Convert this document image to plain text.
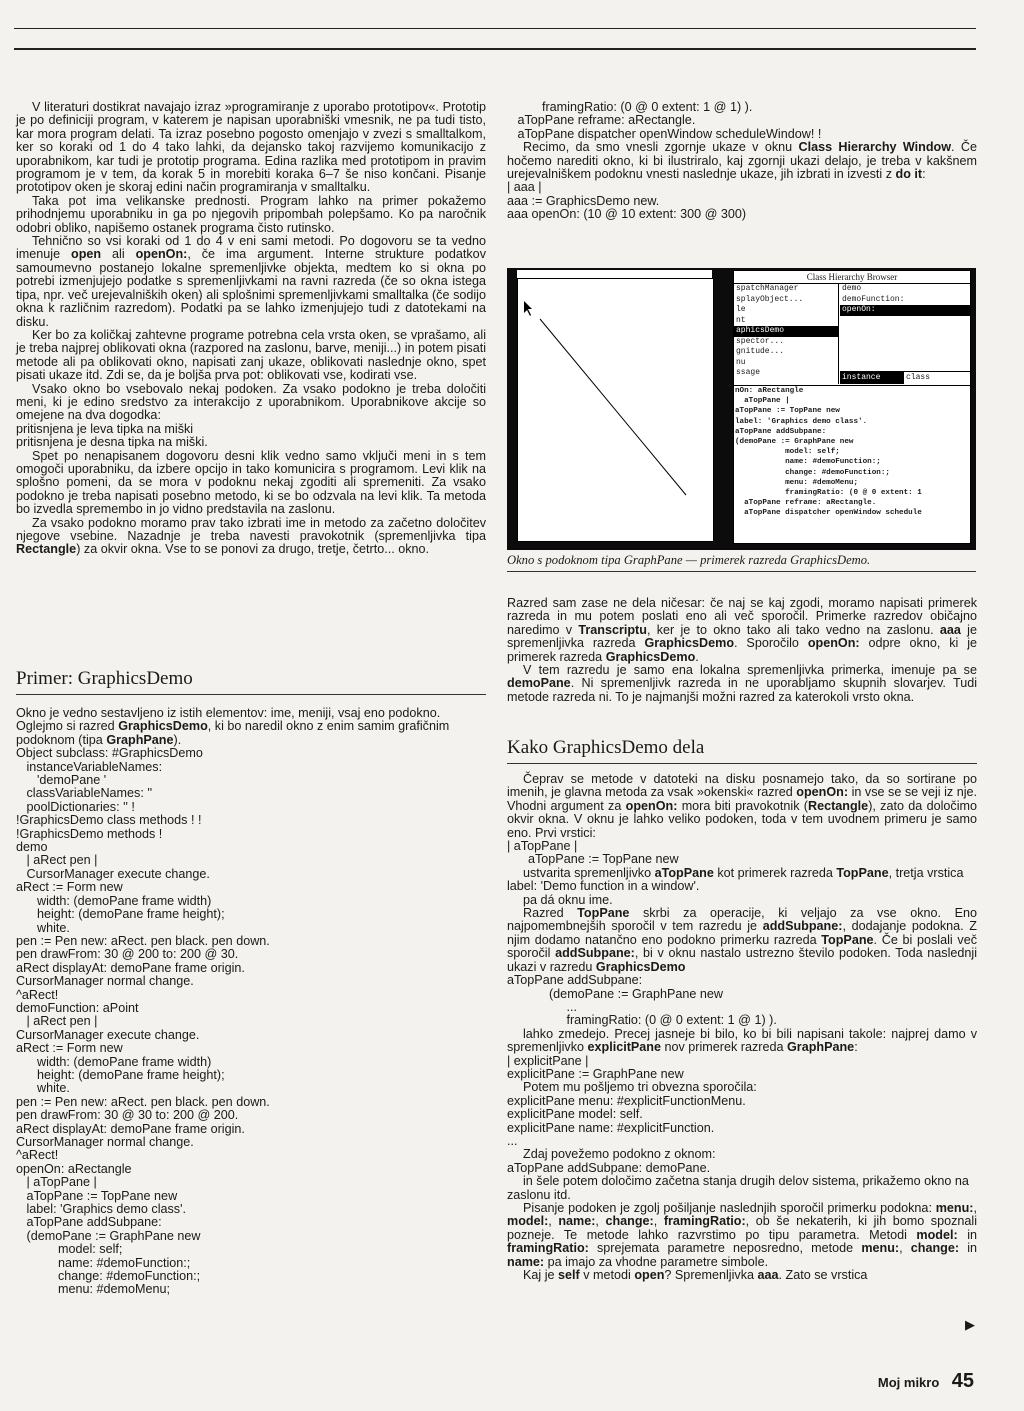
V literaturi dostikrat navajajo izraz »programiranje z uporabo prototipov«. Prototip je po definiciji program, v katerem je napisan uporabniški vmesnik, ne pa tudi tisto, kar mora program delati. Ta izraz posebno pogosto omenjajo v zvezi s smalltalkom, ker so koraki od 1 do 4 tako lahki, da dejansko takoj razvijemo komunikacijo z uporabnikom, kar tudi je prototip programa. Edina razlika med prototipom in pravim programom je v tem, da korak 5 in morebiti koraka 6–7 še niso končani. Pisanje prototipov oken je skoraj edini način programiranja v smalltalku.

Taka pot ima velikanske prednosti. Program lahko na primer pokažemo prihodnjemu uporabniku in ga po njegovih pripombah polepšamo. Ko pa naročnik odobri obliko, napišemo ostanek programa čisto rutinsko.

Tehnično so vsi koraki od 1 do 4 v eni sami metodi. Po dogovoru se ta vedno imenuje open ali openOn:, če ima argument. Interne strukture podatkov samoumevno postanejo lokalne spremenljivke objekta, medtem ko si okna po potrebi izmenjujejo podatke s spremenljivkami na ravni razreda (če so okna istega tipa, npr. več urejevalniških oken) ali splošnimi spremenljivkami smalltalka (če sodijo okna k različnim razredom). Podatki pa se lahko izmenjujejo tudi z datotekami na disku.

Ker bo za količkaj zahtevne programe potrebna cela vrsta oken, se vprašamo, ali je treba najprej oblikovati okna (razpored na zaslonu, barve, meniji...) in potem pisati metode ali pa oblikovati okno, napisati zanj ukaze, oblikovati naslednje okno, spet pisati ukaze itd. Zdi se, da je boljša prva pot: oblikovati vse, kodirati vse.

Vsako okno bo vsebovalo nekaj podoken. Za vsako podokno je treba določiti meni, ki je edino sredstvo za interakcijo z uporabnikom. Uporabnikove akcije so omejene na dva dogodka:

pritisnjena je leva tipka na miški

pritisnjena je desna tipka na miški.

Spet po nenapisanem dogovoru desni klik vedno samo vključi meni in s tem omogoči uporabniku, da izbere opcijo in tako komunicira s programom. Levi klik na splošno pomeni, da se mora v podoknu nekaj zgoditi ali spremeniti. Za vsako podokno je treba napisati posebno metodo, ki se bo odzvala na levi klik. Ta metoda bo izvedla spremembo in jo vidno predstavila na zaslonu.

Za vsako podokno moramo prav tako izbrati ime in metodo za začetno določitev njegove vsebine. Nazadnje je treba navesti pravokotnik (spremenljivka tipa Rectangle) za okvir okna. Vse to se ponovi za drugo, tretje, četrto... okno.

Primer: GraphicsDemo

Okno je vedno sestavljeno iz istih elementov: ime, meniji, vsaj eno podokno. Oglejmo si razred GraphicsDemo, ki bo naredil okno z enim samim grafičnim podoknom (tipa GraphPane).

Object subclass: #GraphicsDemo
instanceVariableNames:
'demoPane '
classVariableNames: ''
poolDictionaries: '' !
!GraphicsDemo class methods ! !
!GraphicsDemo methods !
demo
| aRect pen |
CursorManager execute change.
aRect := Form new
width: (demoPane frame width)
height: (demoPane frame height);
white.
pen := Pen new: aRect. pen black. pen down.
pen drawFrom: 30 @ 200 to: 200 @ 30.
aRect displayAt: demoPane frame origin.
CursorManager normal change.
^aRect!
demoFunction: aPoint
| aRect pen |
CursorManager execute change.
aRect := Form new
width: (demoPane frame width)
height: (demoPane frame height);
white.
pen := Pen new: aRect. pen black. pen down.
pen drawFrom: 30 @ 30 to: 200 @ 200.
aRect displayAt: demoPane frame origin.
CursorManager normal change.
^aRect!
openOn: aRectangle
| aTopPane |
aTopPane := TopPane new
label: 'Graphics demo class'.
aTopPane addSubpane:
(demoPane := GraphPane new
model: self;
name: #demoFunction:;
change: #demoFunction:;
menu: #demoMenu;
framingRatio: (0 @ 0 extent: 1 @ 1) ).
aTopPane reframe: aRectangle.
aTopPane dispatcher openWindow scheduleWindow! !

Recimo, da smo vnesli zgornje ukaze v oknu Class Hierarchy Window. Če hočemo narediti okno, ki bi ilustriralo, kaj zgornji ukazi delajo, je treba v kakšnem urejevalniškem podoknu vnesti naslednje ukaze, jih izbrati in izvesti z do it:

| aaa |
aaa := GraphicsDemo new.
aaa openOn: (10 @ 10 extent: 300 @ 300)
Class Hierarchy Browser
spatchManager
splayObject...
le
nt
aphicsDemo
spector...
gnitude...
nu
ssage
demo
demoFunction:
openOn:
instance	class
nOn: aRectangle
aTopPane |
aTopPane := TopPane new
label: 'Graphics demo class'.
aTopPane addSubpane:
(demoPane := GraphPane new
model: self;
name: #demoFunction:;
change: #demoFunction:;
menu: #demoMenu;
framingRatio: (0 @ 0 extent: 1
aTopPane reframe: aRectangle.
aTopPane dispatcher openWindow schedule
Okno s podoknom tipa GraphPane — primerek razreda GraphicsDemo.

Razred sam zase ne dela ničesar: če naj se kaj zgodi, moramo napisati primerek razreda in mu potem poslati eno ali več sporočil. Primerke razredov običajno naredimo v Transcriptu, ker je to okno tako ali tako vedno na zaslonu. aaa je spremenljivka razreda GraphicsDemo. Sporočilo openOn: odpre okno, ki je primerek razreda GraphicsDemo.

V tem razredu je samo ena lokalna spremenljivka primerka, imenuje pa se demoPane. Ni spremenljivk razreda in ne uporabljamo skupnih slovarjev. Tudi metode razreda ni. To je najmanjši možni razred za katerokoli vrsto okna.

Kako GraphicsDemo dela

Čeprav se metode v datoteki na disku posnamejo tako, da so sortirane po imenih, je glavna metoda za vsak »okenski« razred openOn: in vse se se veji iz nje. Vhodni argument za openOn: mora biti pravokotnik (Rectangle), zato da določimo okvir okna. V oknu je lahko veliko podoken, toda v tem uvodnem primeru je samo eno. Prvi vrstici:

| aTopPane |
aTopPane := TopPane new

ustvarita spremenljivko aTopPane kot primerek razreda TopPane, tretja vrstica

label: 'Demo function in a window'.

pa dá oknu ime.

Razred TopPane skrbi za operacije, ki veljajo za vse okno. Eno najpomembnejših sporočil v tem razredu je addSubpane:, dodajanje podokna. Z njim dodamo natančno eno podokno primerku razreda TopPane. Če bi poslali več sporočil addSubpane:, bi v oknu nastalo ustrezno število podoken. Toda naslednji ukazi v razredu GraphicsDemo

aTopPane addSubpane:
(demoPane := GraphPane new
...
framingRatio: (0 @ 0 extent: 1 @ 1) ).

lahko zmedejo. Precej jasneje bi bilo, ko bi bili napisani takole: najprej damo v spremenljivko explicitPane nov primerek razreda GraphPane:

| explicitPane |
explicitPane := GraphPane new

Potem mu pošljemo tri obvezna sporočila:

explicitPane menu: #explicitFunctionMenu.
explicitPane model: self.
explicitPane name: #explicitFunction.
...

Zdaj povežemo podokno z oknom:

aTopPane addSubpane: demoPane.

in šele potem določimo začetna stanja drugih delov sistema, prikažemo okno na zaslonu itd.

Pisanje podoken je zgolj pošiljanje naslednjih sporočil primerku podokna: menu:, model:, name:, change:, framingRatio:, ob še nekaterih, ki jih bomo spoznali pozneje. Te metode lahko razvrstimo po tipu parametra. Metodi model: in framingRatio: sprejemata parametre neposredno, metode menu:, change: in name: pa imajo za vhodne parametre simbole.

Kaj je self v metodi open? Spremenljivka aaa. Zato se vrstica

▶
Moj mikro 45
